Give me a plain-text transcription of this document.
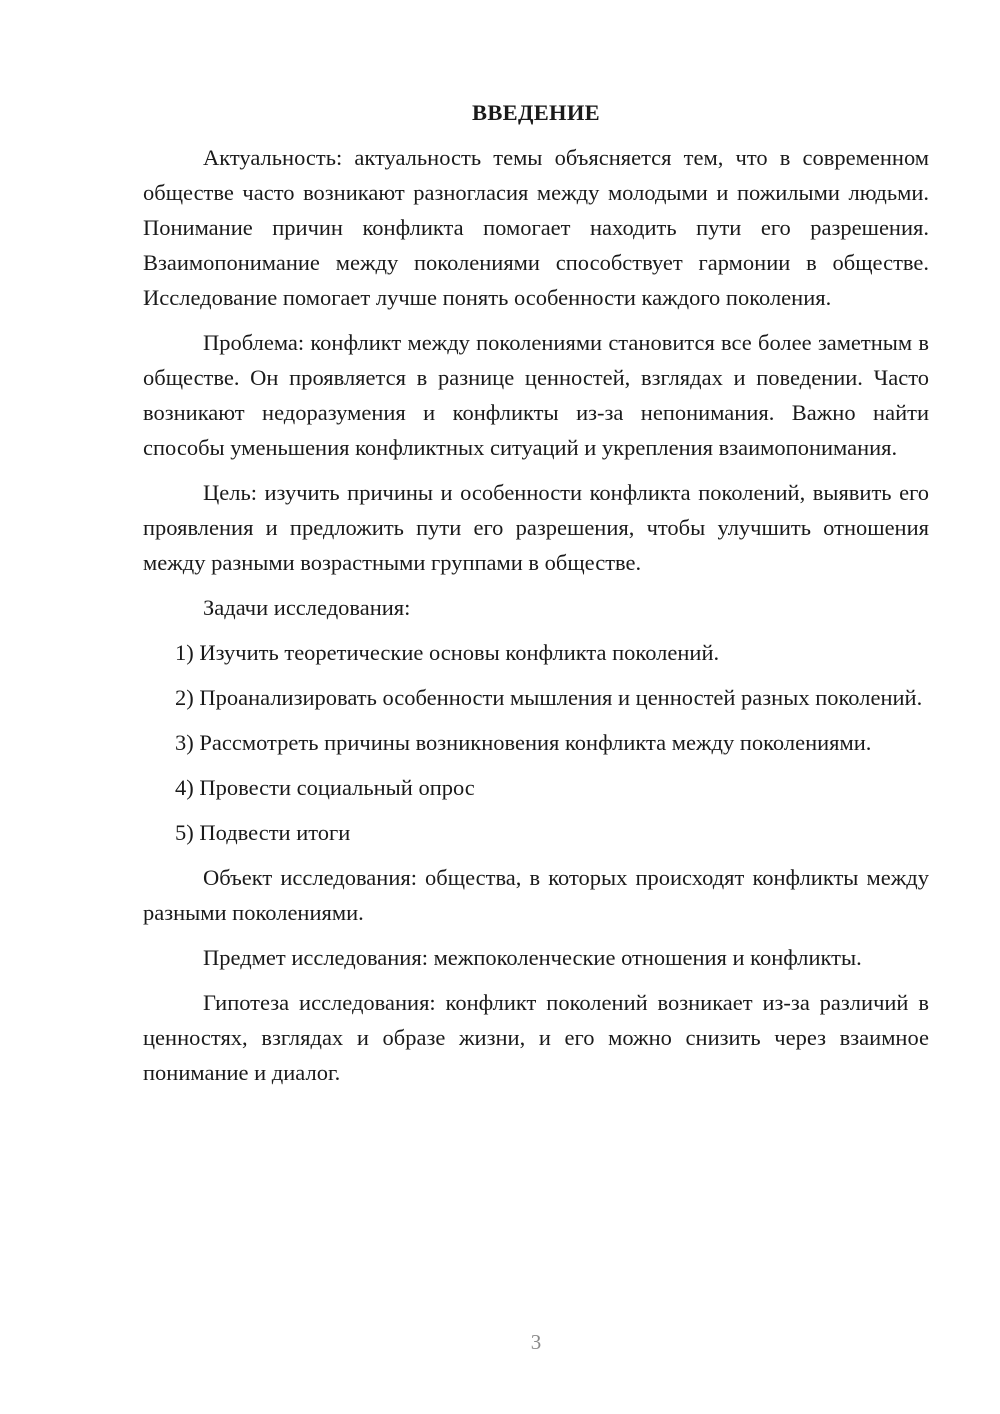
ВВЕДЕНИЕ

Актуальность: актуальность темы объясняется тем, что в современном обществе часто возникают разногласия между молодыми и пожилыми людьми. Понимание причин конфликта помогает находить пути его разрешения. Взаимопонимание между поколениями способствует гармонии в обществе. Исследование помогает лучше понять особенности каждого поколения.

Проблема: конфликт между поколениями становится все более заметным в обществе. Он проявляется в разнице ценностей, взглядах и поведении. Часто возникают недоразумения и конфликты из-за непонимания. Важно найти способы уменьшения конфликтных ситуаций и укрепления взаимопонимания.

Цель: изучить причины и особенности конфликта поколений, выявить его проявления и предложить пути его разрешения, чтобы улучшить отношения между разными возрастными группами в обществе.

Задачи исследования:

1) Изучить теоретические основы конфликта поколений.

2) Проанализировать особенности мышления и ценностей разных поколений.

3) Рассмотреть причины возникновения конфликта между поколениями.

4) Провести социальный опрос

5) Подвести итоги

Объект исследования: общества, в которых происходят конфликты между разными поколениями.

Предмет исследования: межпоколенческие отношения и конфликты.

Гипотеза исследования: конфликт поколений возникает из-за различий в ценностях, взглядах и образе жизни, и его можно снизить через взаимное понимание и диалог.

3
